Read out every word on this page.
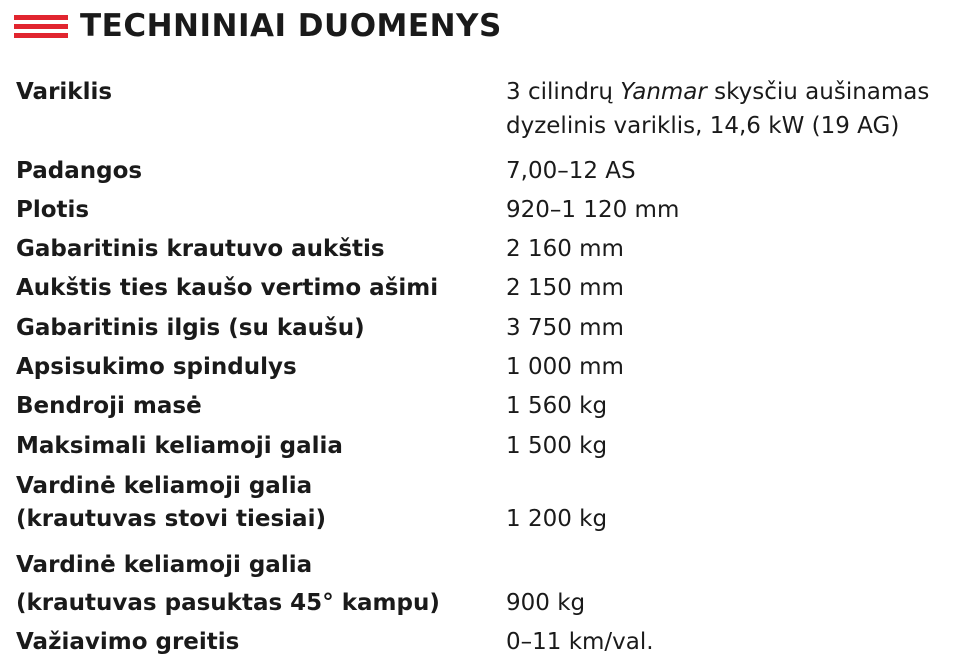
TECHNINIAI DUOMENYS
Variklis	3 cilindrų Yanmar skysčiu aušinamas
dyzelinis variklis, 14,6 kW (19 AG)
Padangos	7,00–12 AS
Plotis	920–1 120 mm
Gabaritinis krautuvo aukštis	2 160 mm
Aukštis ties kaušo vertimo ašimi	2 150 mm
Gabaritinis ilgis (su kaušu)	3 750 mm
Apsisukimo spindulys	1 000 mm
Bendroji masė	1 560 kg
Maksimali keliamoji galia	1 500 kg
Vardinė keliamoji galia
(krautuvas stovi tiesiai)	1 200 kg
Vardinė keliamoji galia
(krautuvas pasuktas 45° kampu)	900 kg
Važiavimo greitis	0–11 km/val.
